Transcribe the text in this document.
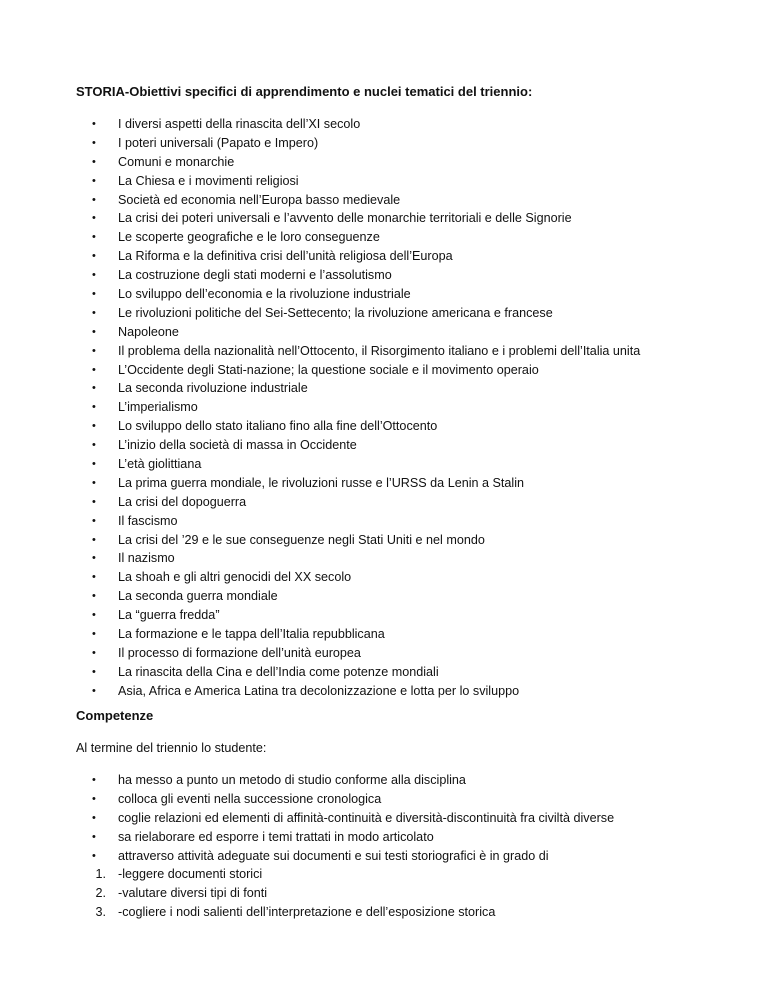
STORIA-Obiettivi specifici di apprendimento e nuclei tematici del triennio:

• I diversi aspetti della rinascita dell’XI secolo
• I poteri universali (Papato e Impero)
• Comuni e monarchie
• La Chiesa e i movimenti religiosi
• Società ed economia nell’Europa basso medievale
• La crisi dei poteri universali e l’avvento delle monarchie territoriali e delle Signorie
• Le scoperte geografiche e le loro conseguenze
• La Riforma e la definitiva crisi dell’unità religiosa dell’Europa
• La costruzione degli stati moderni e l’assolutismo
• Lo sviluppo dell’economia e la rivoluzione industriale
• Le rivoluzioni politiche del Sei-Settecento; la rivoluzione americana e francese
• Napoleone
• Il problema della nazionalità nell’Ottocento, il Risorgimento italiano e i problemi dell’Italia unita
• L’Occidente degli Stati-nazione; la questione sociale e il movimento operaio
• La seconda rivoluzione industriale
• L’imperialismo
• Lo sviluppo dello stato italiano fino alla fine dell’Ottocento
• L’inizio della società di massa in Occidente
• L’età giolittiana
• La prima guerra mondiale, le rivoluzioni russe e l’URSS da Lenin a Stalin
• La crisi del dopoguerra
• Il fascismo
• La crisi del ’29 e le sue conseguenze negli Stati Uniti e nel mondo
• Il nazismo
• La shoah e gli altri genocidi del XX secolo
• La seconda guerra mondiale
• La “guerra fredda”
• La formazione e le tappa dell’Italia repubblicana
• Il processo di formazione dell’unità europea
• La rinascita della Cina e dell’India come potenze mondiali
• Asia, Africa e America Latina tra decolonizzazione e lotta per lo sviluppo

Competenze

Al termine del triennio lo studente:

• ha messo a punto un metodo di studio conforme alla disciplina
• colloca gli eventi nella successione cronologica
• coglie relazioni ed elementi di affinità-continuità e diversità-discontinuità fra civiltà diverse
• sa rielaborare ed esporre i temi trattati in modo articolato
• attraverso attività adeguate sui documenti e sui testi storiografici è in grado di
1. -leggere documenti storici
2. -valutare diversi tipi di fonti
3. -cogliere i nodi salienti dell’interpretazione e dell’esposizione storica
